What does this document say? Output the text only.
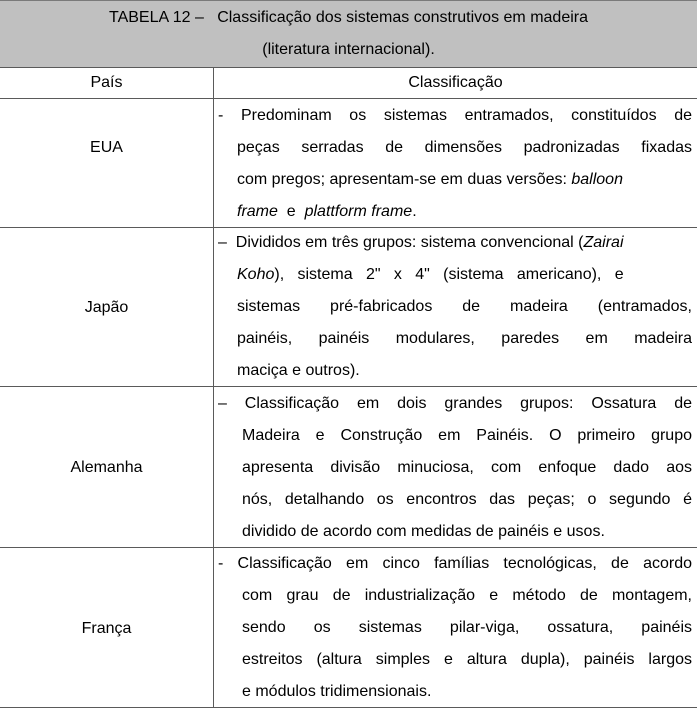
TABELA 12 –   Classificação dos sistemas construtivos em madeira
(literatura internacional).
País	Classificação
EUA
- Predominam os sistemas entramados, constituídos de
peças serradas de dimensões padronizadas fixadas
com pregos; apresentam-se em duas versões: balloon
frame  e  plattform frame.
Japão
–  Divididos em três grupos: sistema convencional (Zairai
Koho),   sistema   2"   x   4"   (sistema   americano),   e
sistemas pré-fabricados de madeira (entramados,
painéis, painéis modulares, paredes em madeira
maciça e outros).
Alemanha
– Classificação em dois grandes grupos: Ossatura de
Madeira e Construção em Painéis. O primeiro grupo
apresenta divisão minuciosa, com enfoque dado aos
nós, detalhando os encontros das peças; o segundo é
dividido de acordo com medidas de painéis e usos.
França
- Classificação em cinco famílias tecnológicas, de acordo
com grau de industrialização e método de montagem,
sendo os sistemas pilar-viga, ossatura, painéis
estreitos (altura simples e altura dupla), painéis largos
e módulos tridimensionais.
